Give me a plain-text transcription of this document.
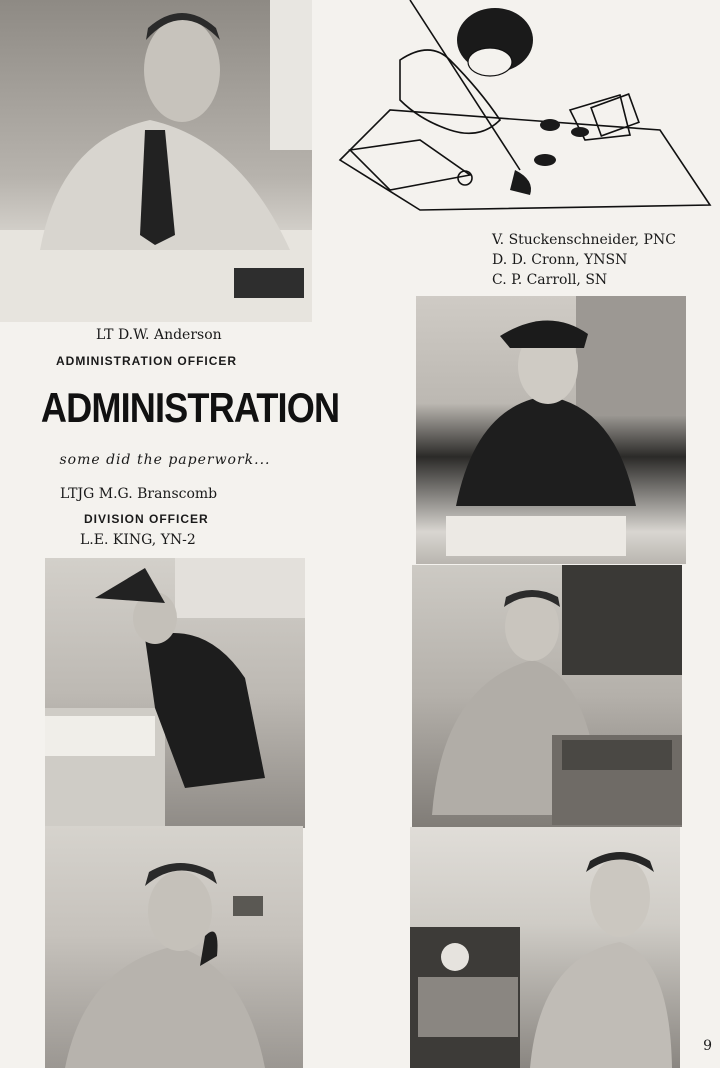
V. Stuckenschneider, PNC
D. D. Cronn, YNSN
C. P. Carroll, SN
LT D.W. Anderson
ADMINISTRATION OFFICER
ADMINISTRATION
some did the paperwork...
LTJG M.G. Branscomb
DIVISION OFFICER
L.E. KING, YN-2
9
